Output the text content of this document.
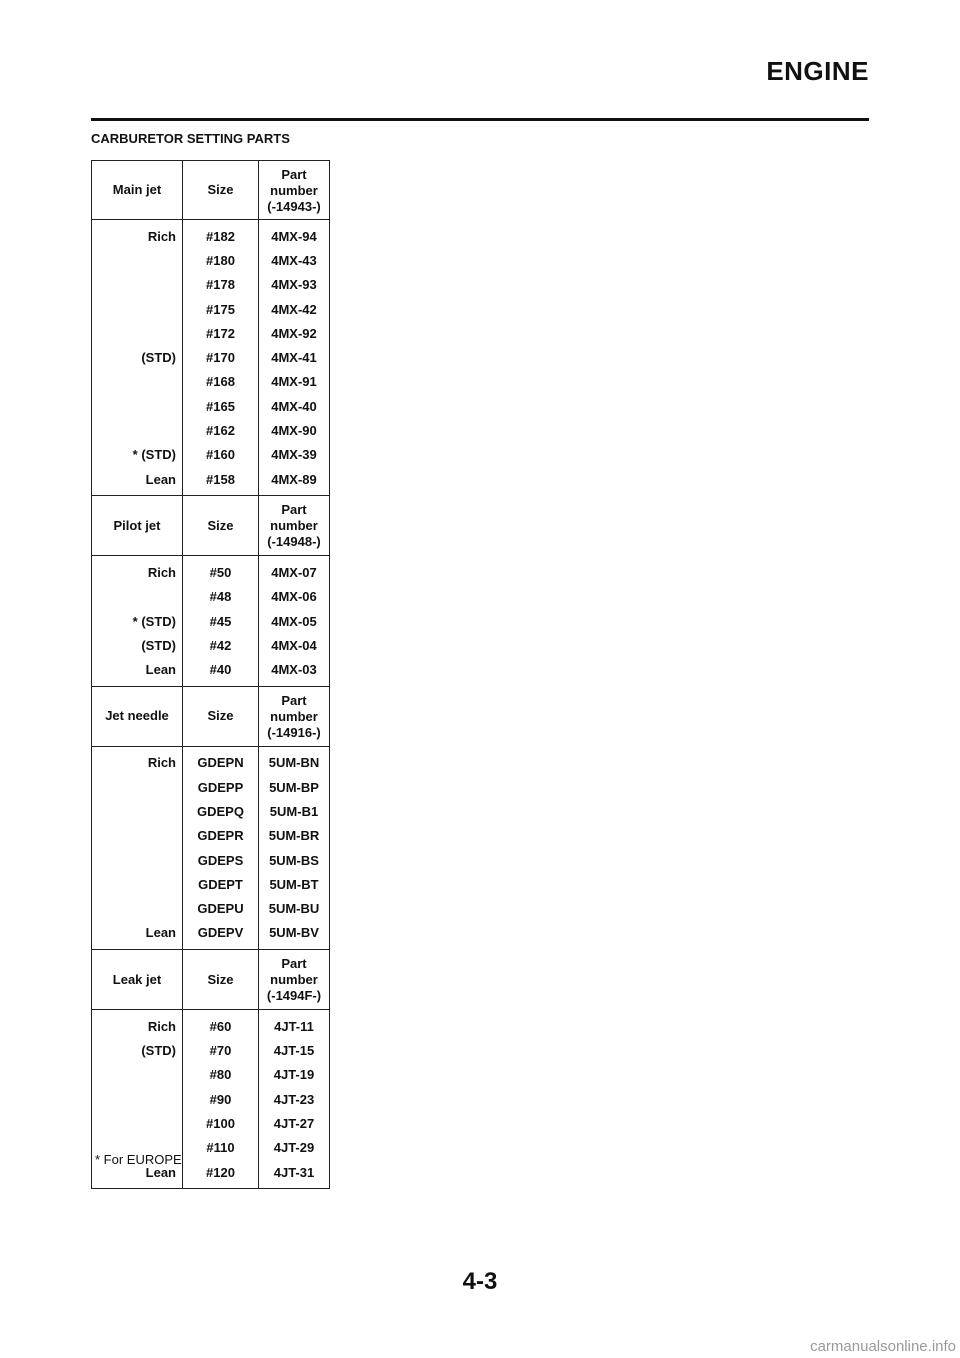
ENGINE
CARBURETOR SETTING PARTS
Main jet	Size	Part
number
(-14943-)

Rich	#182	4MX-94
	#180	4MX-43
	#178	4MX-93
	#175	4MX-42
	#172	4MX-92
(STD)	#170	4MX-41
	#168	4MX-91
	#165	4MX-40
	#162	4MX-90
* (STD)	#160	4MX-39
Lean	#158	4MX-89
Pilot jet	Size	Part
number
(-14948-)

Rich	#50	4MX-07
	#48	4MX-06
* (STD)	#45	4MX-05
(STD)	#42	4MX-04
Lean	#40	4MX-03
Jet needle	Size	Part
number
(-14916-)

Rich	GDEPN	5UM-BN
	GDEPP	5UM-BP
	GDEPQ	5UM-B1
	GDEPR	5UM-BR
	GDEPS	5UM-BS
	GDEPT	5UM-BT
	GDEPU	5UM-BU
Lean	GDEPV	5UM-BV
Leak jet	Size	Part
number
(-1494F-)

Rich	#60	4JT-11
(STD)	#70	4JT-15
	#80	4JT-19
	#90	4JT-23
	#100	4JT-27
	#110	4JT-29
Lean	#120	4JT-31
* For EUROPE
4-3
carmanualsonline.info
